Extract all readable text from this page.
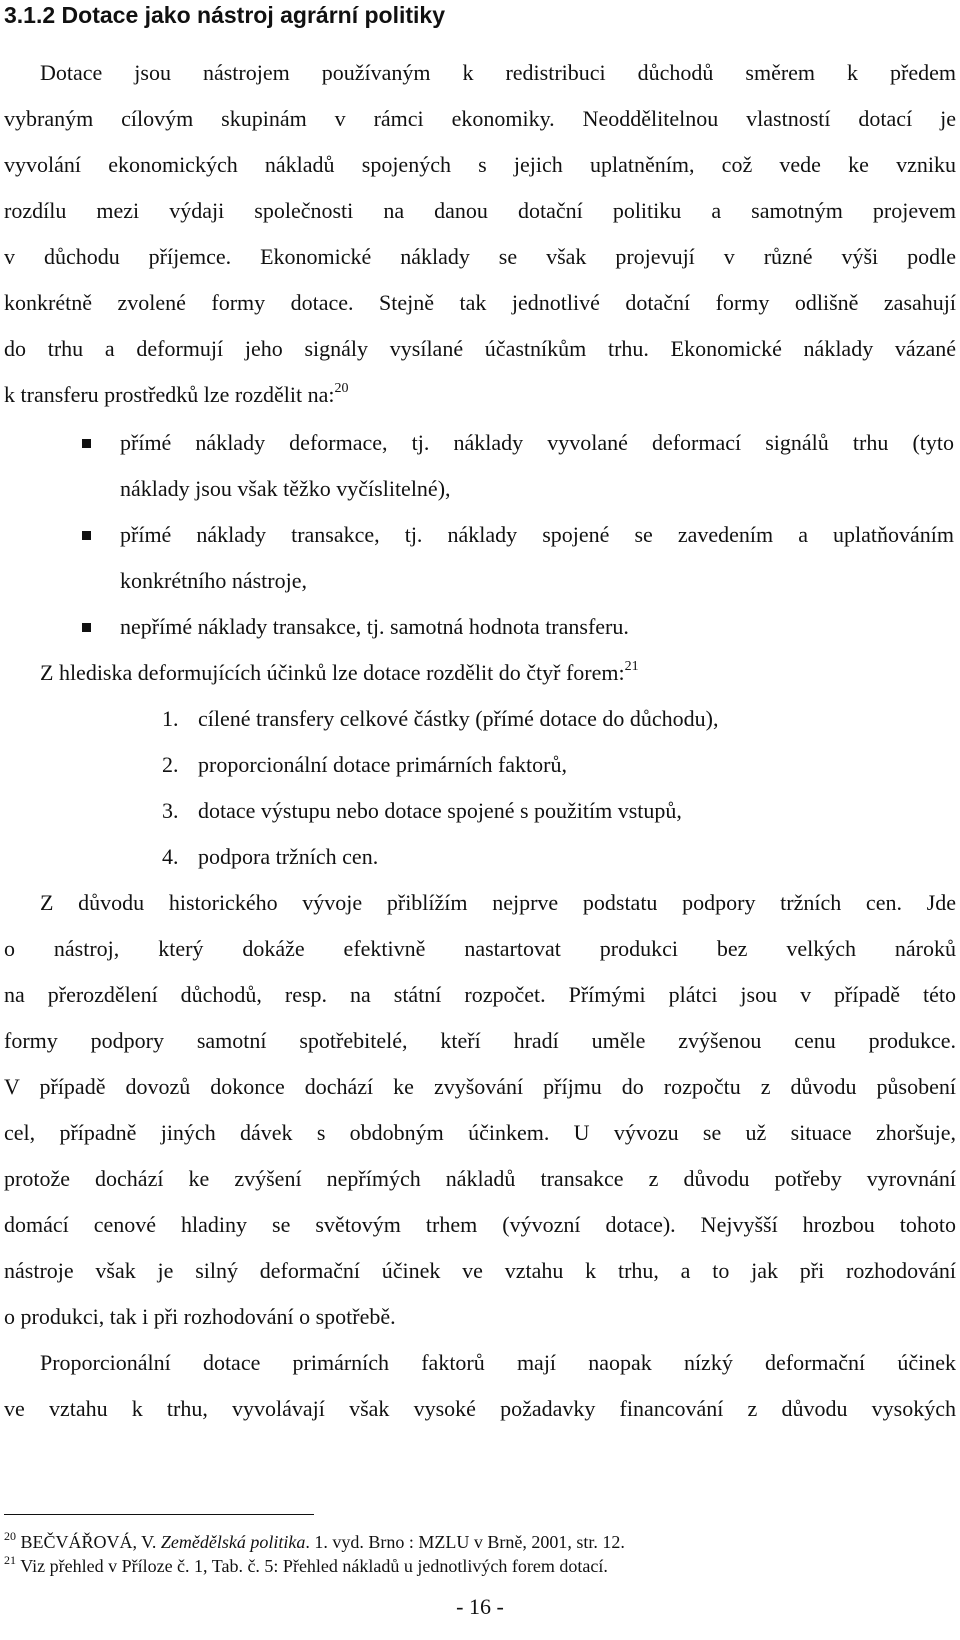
3.1.2 Dotace jako nástroj agrární politiky
Dotace jsou nástrojem používaným k redistribuci důchodů směrem k předem
vybraným cílovým skupinám v rámci ekonomiky. Neoddělitelnou vlastností dotací je
vyvolání ekonomických nákladů spojených s jejich uplatněním, což vede ke vzniku
rozdílu mezi výdaji společnosti na danou dotační politiku a samotným projevem
v důchodu příjemce. Ekonomické náklady se však projevují v různé výši podle
konkrétně zvolené formy dotace. Stejně tak jednotlivé dotační formy odlišně zasahují
do trhu a deformují jeho signály vysílané účastníkům trhu. Ekonomické náklady vázané
k transferu prostředků lze rozdělit na:$^{20}$
přímé náklady deformace, tj. náklady vyvolané deformací signálů trhu (tyto
náklady jsou však těžko vyčíslitelné),
přímé náklady transakce, tj. náklady spojené se zavedením a uplatňováním
konkrétního nástroje,
nepřímé náklady transakce, tj. samotná hodnota transferu.
Z hlediska deformujících účinků lze dotace rozdělit do čtyř forem:$^{21}$
1. cílené transfery celkové částky (přímé dotace do důchodu),
2. proporcionální dotace primárních faktorů,
3. dotace výstupu nebo dotace spojené s použitím vstupů,
4. podpora tržních cen.
Z důvodu historického vývoje přiblížím nejprve podstatu podpory tržních cen. Jde
o nástroj, který dokáže efektivně nastartovat produkci bez velkých nároků
na přerozdělení důchodů, resp. na státní rozpočet. Přímými plátci jsou v případě této
formy podpory samotní spotřebitelé, kteří hradí uměle zvýšenou cenu produkce.
V případě dovozů dokonce dochází ke zvyšování příjmu do rozpočtu z důvodu působení
cel, případně jiných dávek s obdobným účinkem. U vývozu se už situace zhoršuje,
protože dochází ke zvýšení nepřímých nákladů transakce z důvodu potřeby vyrovnání
domácí cenové hladiny se světovým trhem (vývozní dotace). Nejvyšší hrozbou tohoto
nástroje však je silný deformační účinek ve vztahu k trhu, a to jak při rozhodování
o produkci, tak i při rozhodování o spotřebě.
Proporcionální dotace primárních faktorů mají naopak nízký deformační účinek
ve vztahu k trhu, vyvolávají však vysoké požadavky financování z důvodu vysokých
$^{20}$ BEČVÁŘOVÁ, V. Zemědělská politika. 1. vyd. Brno : MZLU v Brně, 2001, str. 12.
$^{21}$ Viz přehled v Příloze č. 1, Tab. č. 5: Přehled nákladů u jednotlivých forem dotací.
- 16 -
